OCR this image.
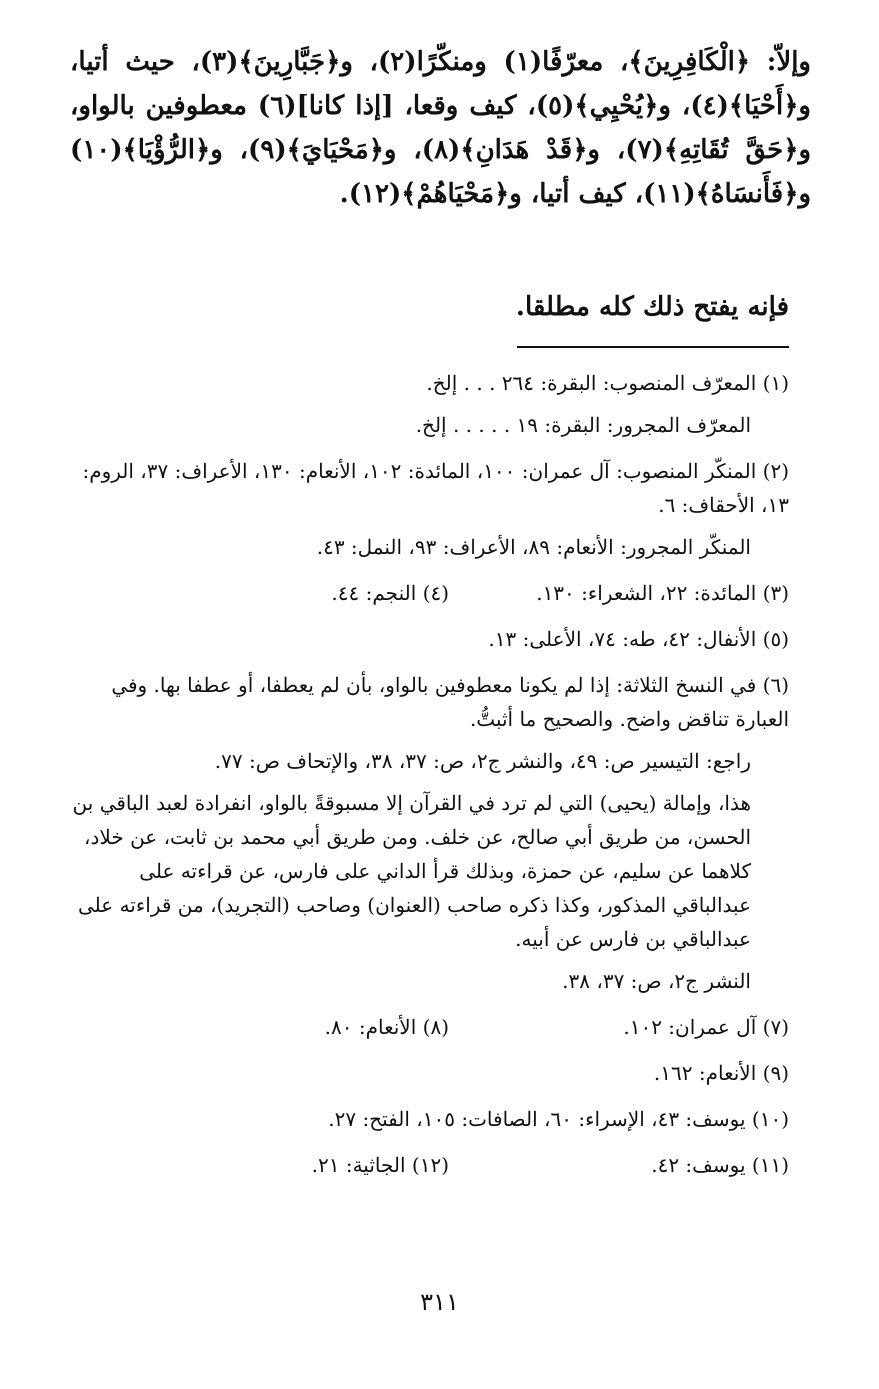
وإلاّ: ﴿الْكَافِرِينَ﴾، معرّفًا(١) ومنكّرًا(٢)، و﴿جَبَّارِينَ﴾(٣)، حيث أتيا، و﴿أَحْيَا﴾(٤)، و﴿يُحْيِي﴾(٥)، كيف وقعا، [إذا كانا](٦) معطوفين بالواو، و﴿حَقَّ تُقَاتِهِ﴾(٧)، و﴿قَدْ هَدَانِ﴾(٨)، و﴿مَحْيَايَ﴾(٩)، و﴿الرُّؤْيَا﴾(١٠) و﴿فَأَنسَاهُ﴾(١١)، كيف أتيا، و﴿مَحْيَاهُمْ﴾(١٢).

فإنه يفتح ذلك كله مطلقا.

(١) المعرّف المنصوب: البقرة: ٢٦٤ . . . إلخ.

المعرّف المجرور: البقرة: ١٩ . . . . . إلخ.

(٢) المنكّر المنصوب: آل عمران: ١٠٠، المائدة: ١٠٢، الأنعام: ١٣٠، الأعراف: ٣٧، الروم: ١٣، الأحقاف: ٦.

المنكّر المجرور: الأنعام: ٨٩، الأعراف: ٩٣، النمل: ٤٣.

(٣) المائدة: ٢٢، الشعراء: ١٣٠.
(٤) النجم: ٤٤.

(٥) الأنفال: ٤٢، طه: ٧٤، الأعلى: ١٣.

(٦) في النسخ الثلاثة: إذا لم يكونا معطوفين بالواو، بأن لم يعطفا، أو عطفا بها. وفي العبارة تناقض واضح. والصحيح ما أثبتُّ.

راجع: التيسير ص: ٤٩، والنشر ج٢، ص: ٣٧، ٣٨، والإتحاف ص: ٧٧.

هذا، وإمالة (يحيى) التي لم ترد في القرآن إلا مسبوقةً بالواو، انفرادة لعبد الباقي بن الحسن، من طريق أبي صالح، عن خلف. ومن طريق أبي محمد بن ثابت، عن خلاد، كلاهما عن سليم، عن حمزة، وبذلك قرأ الداني على فارس، عن قراءته على عبدالباقي المذكور، وكذا ذكره صاحب (العنوان) وصاحب (التجريد)، من قراءته على عبدالباقي بن فارس عن أبيه.

النشر ج٢، ص: ٣٧، ٣٨.

(٧) آل عمران: ١٠٢.
(٨) الأنعام: ٨٠.

(٩) الأنعام: ١٦٢.

(١٠) يوسف: ٤٣، الإسراء: ٦٠، الصافات: ١٠٥، الفتح: ٢٧.

(١١) يوسف: ٤٢.
(١٢) الجاثية: ٢١.
٣١١
